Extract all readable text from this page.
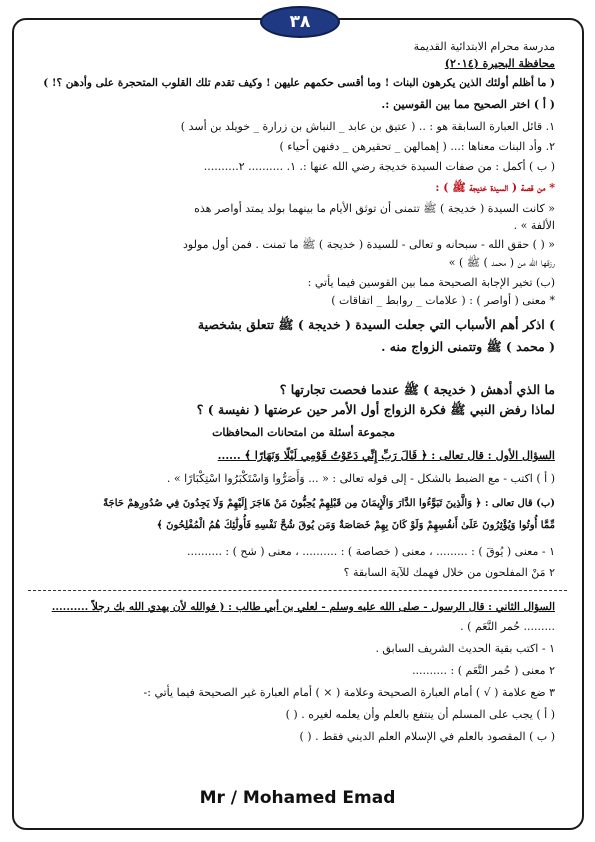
٣٨
مدرسة محرام الابتدائية القديمة
محافظة البحيرة (٢٠١٤)
( ما أظلم أولئك الذين يكرهون البنات ! وما أقسى حكمهم عليهن ! وكيف تقدم تلك القلوب المتحجرة على وأدهن ؟! )
( أ ) اختر الصحيح مما بين القوسين :.
١. قائل العبارة السابقة هو : .. ( عتيق بن عابد _ النباش بن زرارة _ خويلد بن أسد )
٢. وأد البنات معناها :... ( إهمالهن _ تحقيرهن _ دفنهن أحياء )
( ب ) أكمل : من صفات السيدة خديجة رضي الله عنها :. ١. .......... ٢..........
* من قصة ( السيدة خديجة ﷺ ) :
« كانت السيدة ( خديجة ) ﷺ تتمنى أن توثق الأيام ما بينهما بولد يمتد أواصر هذه
الألفة » .
« ( ) حقق الله - سبحانه و تعالى - للسيدة ( خديجة ) ﷺ ما تمنت . فمن أول مولود
رزقها الله من ( محمد ) ﷺ ) »
(ب) تخير الإجابة الصحيحة مما بين القوسين فيما يأتي :
* معنى ( أواصر ) : ( علامات _ روابط _ اتفاقات )
) اذكر أهم الأسباب التي جعلت السيدة ( خديجة ) ﷺ تتعلق بشخصية
( محمد ) ﷺ وتتمنى الزواج منه .
ما الذي أدهش ( خديجة ) ﷺ عندما فحصت تجارتها ؟
لماذا رفض النبي ﷺ فكرة الزواج أول الأمر حين عرضتها ( نفيسة ) ؟
مجموعة أسئلة من امتحانات المحافظات
السؤال الأول : قال تعالى : ﴿ قَالَ رَبِّ إِنِّي دَعَوْتُ قَوْمِي لَيْلًا وَنَهَارًا ﴾ ......
( أ ) اكتب - مع الضبط بالشكل - إلى قوله تعالى : « ... وَأَصَرُّوا وَاسْتَكْبَرُوا اسْتِكْبَارًا » .
(ب) قال تعالى : ﴿ وَالَّذِينَ تَبَوَّءُوا الدَّارَ وَالْإِيمَانَ مِن قَبْلِهِمْ يُحِبُّونَ مَنْ هَاجَرَ إِلَيْهِمْ وَلَا يَجِدُونَ فِي صُدُورِهِمْ حَاجَةً
مِّمَّا أُوتُوا وَيُؤْثِرُونَ عَلَىٰ أَنفُسِهِمْ وَلَوْ كَانَ بِهِمْ خَصَاصَةٌ وَمَن يُوقَ شُحَّ نَفْسِهِ فَأُولَٰئِكَ هُمُ الْمُفْلِحُونَ ﴾
١ - معنى ( يُوقَ ) : ......... ، معنى ( خصاصة ) : .......... ، معنى ( شح ) : ..........
٢ مَنْ المفلحون من خلال فهمك للآية السابقة ؟
السؤال الثاني : قال الرسول - صلى الله عليه وسلم - لعلي بن أبي طالب : ( فوالله لأن يهدي الله بك رجلاً ..........
......... حُمر النَّعَم ) .
١ - اكتب بقية الحديث الشريف السابق .
٢ معنى ( حُمر النَّعَم ) : ..........
٣ ضع علامة ( √ ) أمام العبارة الصحيحة وعلامة ( × ) أمام العبارة غير الصحيحة فيما يأتي :-
( أ ) يجب على المسلم أن ينتفع بالعلم وأن يعلمه لغيره . ( )
( ب ) المقصود بالعلم في الإسلام العلم الديني فقط . ( )
Mr / Mohamed Emad
